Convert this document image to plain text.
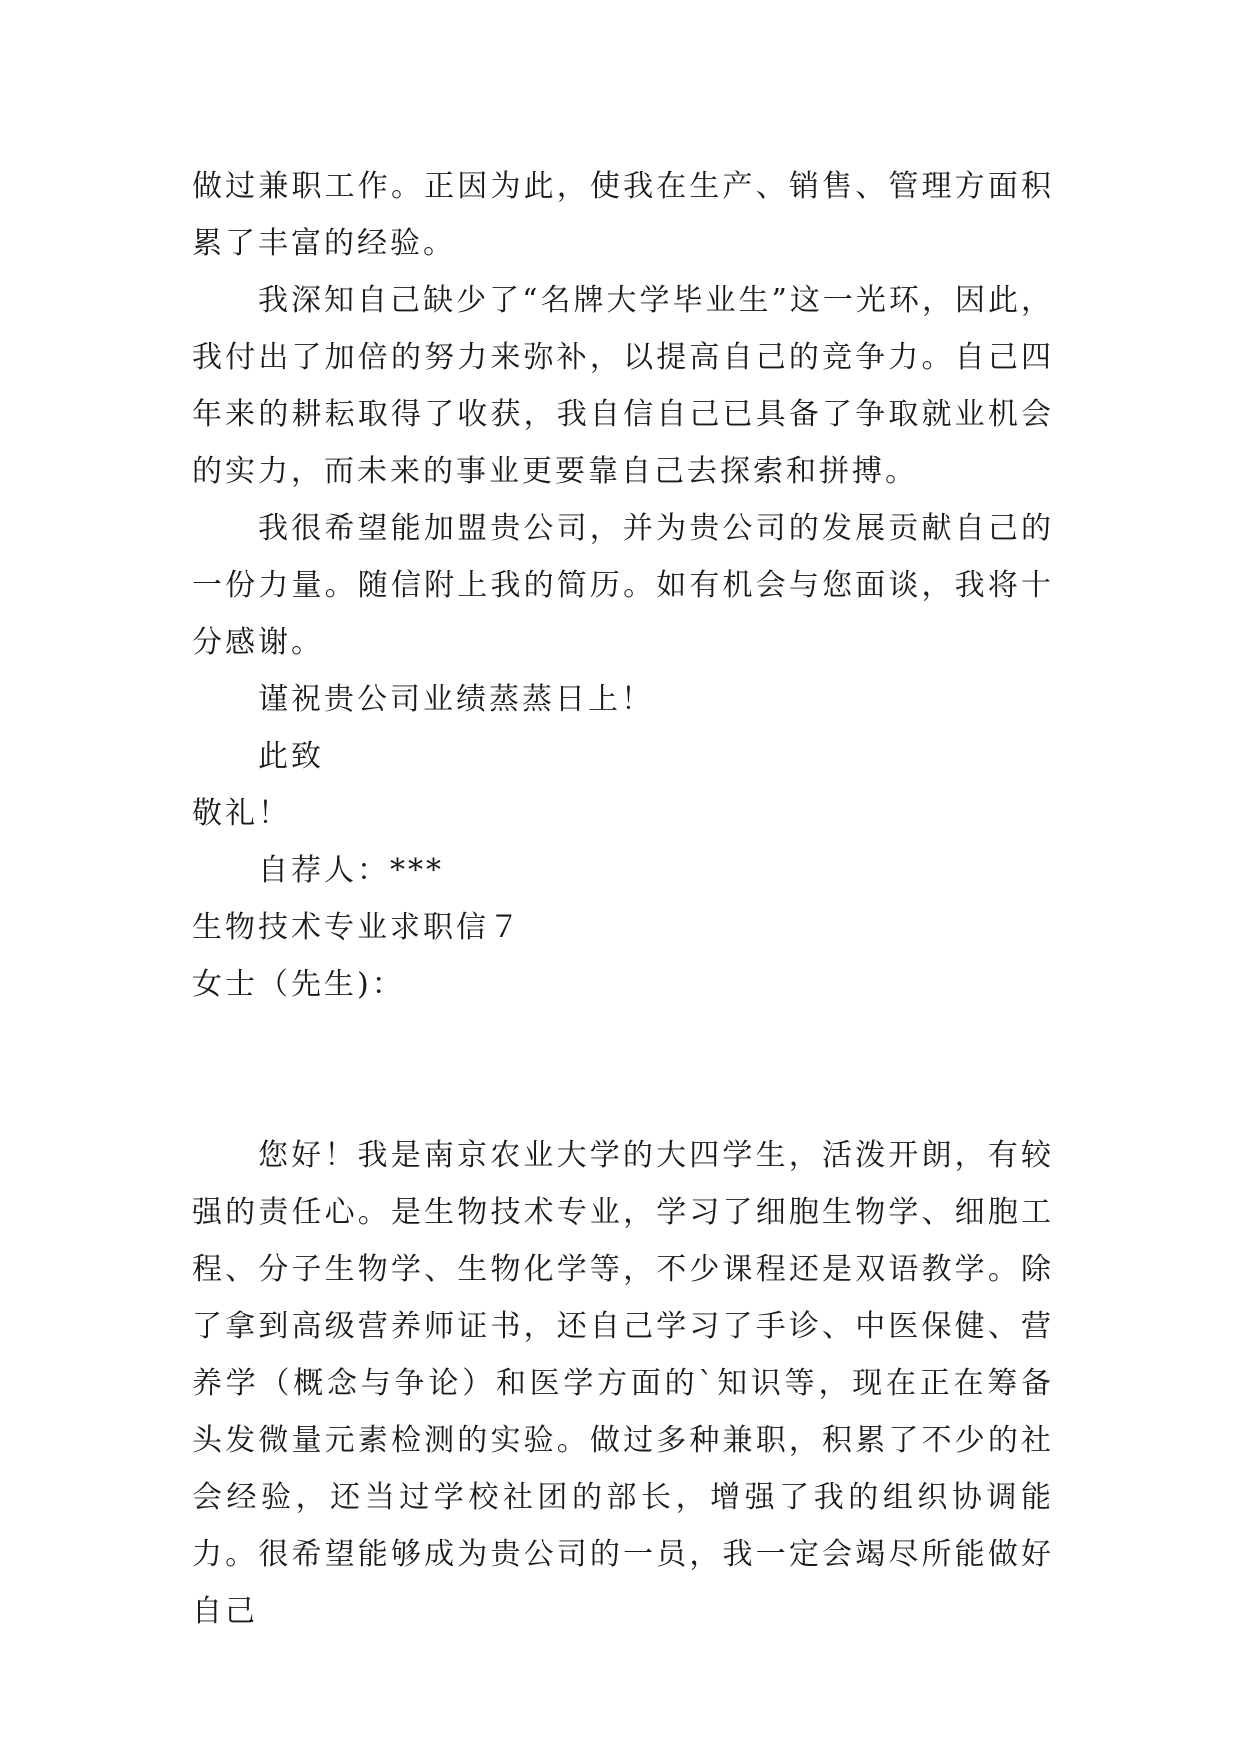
做过兼职工作。正因为此，使我在生产、销售、管理方面积累了丰富的经验。

我深知自己缺少了“名牌大学毕业生”这一光环，因此，我付出了加倍的努力来弥补，以提高自己的竞争力。自己四年来的耕耘取得了收获，我自信自己已具备了争取就业机会的实力，而未来的事业更要靠自己去探索和拼搏。

我很希望能加盟贵公司，并为贵公司的发展贡献自己的一份力量。随信附上我的简历。如有机会与您面谈，我将十分感谢。

谨祝贵公司业绩蒸蒸日上！

此致

敬礼！

自荐人：***

生物技术专业求职信７

女士（先生)：

您好！我是南京农业大学的大四学生，活泼开朗，有较强的责任心。是生物技术专业，学习了细胞生物学、细胞工程、分子生物学、生物化学等，不少课程还是双语教学。除了拿到高级营养师证书，还自己学习了手诊、中医保健、营养学（概念与争论）和医学方面的`知识等，现在正在筹备头发微量元素检测的实验。做过多种兼职，积累了不少的社会经验，还当过学校社团的部长，增强了我的组织协调能力。很希望能够成为贵公司的一员，我一定会竭尽所能做好自己
